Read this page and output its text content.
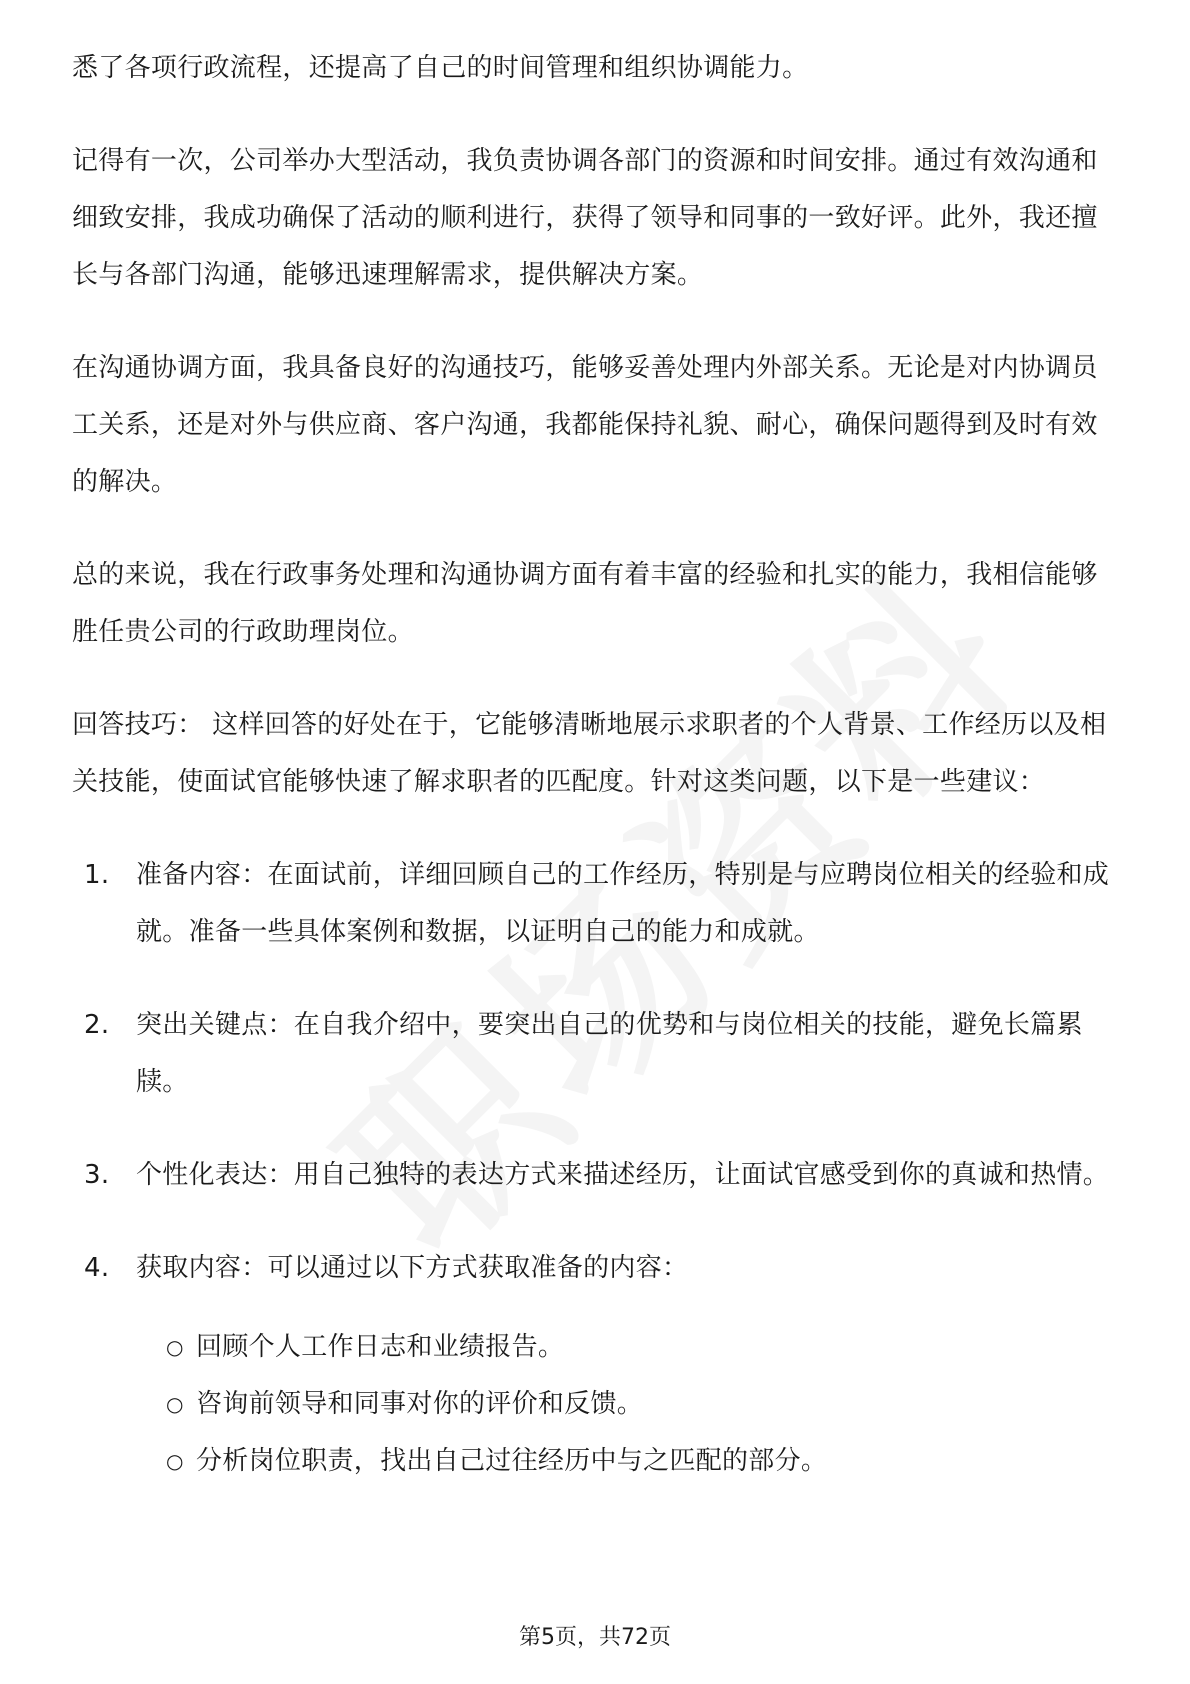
悉了各项行政流程，还提高了自己的时间管理和组织协调能力。

记得有一次，公司举办大型活动，我负责协调各部门的资源和时间安排。通过有效沟通和细致安排，我成功确保了活动的顺利进行，获得了领导和同事的一致好评。此外，我还擅长与各部门沟通，能够迅速理解需求，提供解决方案。

在沟通协调方面，我具备良好的沟通技巧，能够妥善处理内外部关系。无论是对内协调员工关系，还是对外与供应商、客户沟通，我都能保持礼貌、耐心，确保问题得到及时有效的解决。

总的来说，我在行政事务处理和沟通协调方面有着丰富的经验和扎实的能力，我相信能够胜任贵公司的行政助理岗位。

回答技巧： 这样回答的好处在于，它能够清晰地展示求职者的个人背景、工作经历以及相关技能，使面试官能够快速了解求职者的匹配度。针对这类问题，以下是一些建议：

1. 准备内容：在面试前，详细回顾自己的工作经历，特别是与应聘岗位相关的经验和成就。准备一些具体案例和数据，以证明自己的能力和成就。
2. 突出关键点：在自我介绍中，要突出自己的优势和与岗位相关的技能，避免长篇累牍。
3. 个性化表达：用自己独特的表达方式来描述经历，让面试官感受到你的真诚和热情。
4. 获取内容：可以通过以下方式获取准备的内容：
○ 回顾个人工作日志和业绩报告。
○ 咨询前领导和同事对你的评价和反馈。
○ 分析岗位职责，找出自己过往经历中与之匹配的部分。
第5页，共72页
